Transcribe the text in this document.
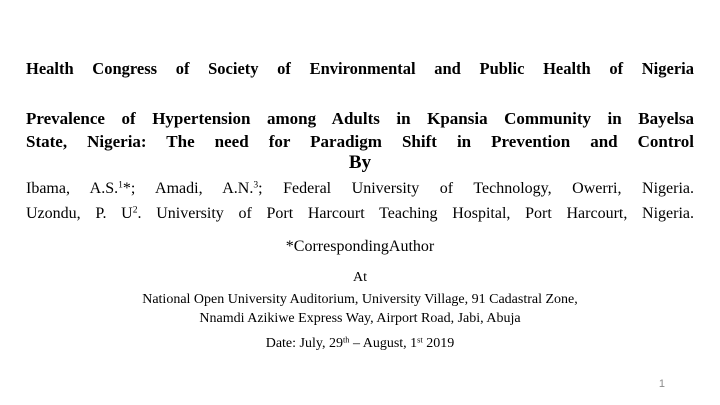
Health Congress of Society of Environmental and Public Health of Nigeria
Prevalence of Hypertension among Adults in Kpansia Community in Bayelsa
State, Nigeria: The need for Paradigm Shift in Prevention and Control
By
Ibama, A.S.$^1$*; Amadi, A.N.$^3$; Federal University of Technology, Owerri, Nigeria.
Uzondu, P. $U^2$. University of Port Harcourt Teaching Hospital, Port Harcourt, Nigeria.
*CorrespondingAuthor
At
National Open University Auditorium, University Village, 91 Cadastral Zone,
Nnamdi Azikiwe Express Way, Airport Road, Jabi, Abuja
Date: July, 29th – August, 1st 2019
1
